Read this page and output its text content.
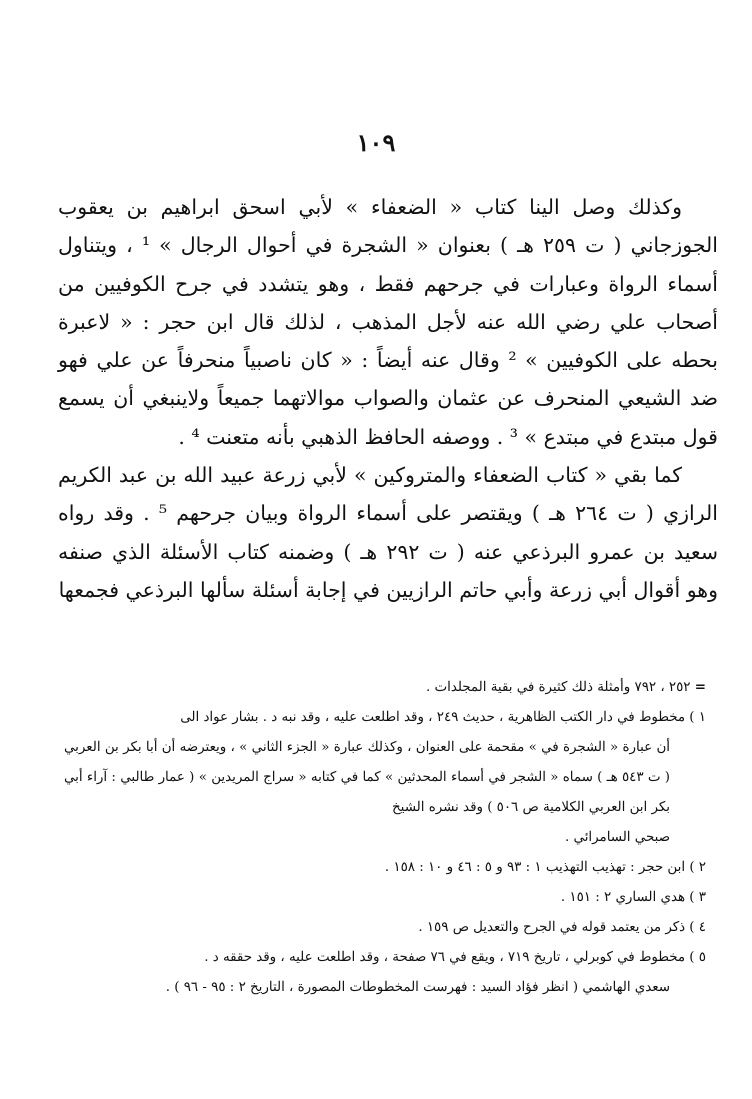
١٠٩

وكذلك وصل الينا كتاب « الضعفاء » لأبي اسحق ابراهيم بن يعقوب الجوزجاني ( ت ٢٥٩ هـ ) بعنوان « الشجرة في أحوال الرجال » ¹ ، ويتناول أسماء الرواة وعبارات في جرحهم فقط ، وهو يتشدد في جرح الكوفيين من أصحاب علي رضي الله عنه لأجل المذهب ، لذلك قال ابن حجر : « لاعبرة بحطه على الكوفيين » ² وقال عنه أيضاً : « كان ناصبياً منحرفاً عن علي فهو ضد الشيعي المنحرف عن عثمان والصواب موالاتهما جميعاً ولاينبغي أن يسمع قول مبتدع في مبتدع » ³ . ووصفه الحافظ الذهبي بأنه متعنت ⁴ .

كما بقي « كتاب الضعفاء والمتروكين » لأبي زرعة عبيد الله بن عبد الكريم الرازي ( ت ٢٦٤ هـ ) ويقتصر على أسماء الرواة وبيان جرحهم ⁵ . وقد رواه سعيد بن عمرو البرذعي عنه ( ت ٢٩٢ هـ ) وضمنه كتاب الأسئلة الذي صنفه وهو أقوال أبي زرعة وأبي حاتم الرازيين في إجابة أسئلة سألها البرذعي فجمعها

= ٢٥٢ ، ٧٩٢ وأمثلة ذلك كثيرة في بقية المجلدات .
١ ) مخطوط في دار الكتب الظاهرية ، حديث ٢٤٩ ، وقد اطلعت عليه ، وقد نبه د . بشار عواد الى
أن عبارة « الشجرة في » مقحمة على العنوان ، وكذلك عبارة « الجزء الثاني » ، ويعترضه أن أبا بكر بن العربي ( ت ٥٤٣ هـ ) سماه « الشجر في أسماء المحدثين » كما في كتابه « سراج المريدين » ( عمار طالبي : آراء أبي بكر ابن العربي الكلامية ص ٥٠٦ ) وقد نشره الشيخ
صبحي السامرائي .
٢ ) ابن حجر : تهذيب التهذيب ١ : ٩٣ و ٥ : ٤٦ و ١٠ : ١٥٨ .
٣ ) هدي الساري ٢ : ١٥١ .
٤ ) ذكر من يعتمد قوله في الجرح والتعديل ص ١٥٩ .
٥ ) مخطوط في كوبرلي ، تاريخ ٧١٩ ، ويقع في ٧٦ صفحة ، وقد اطلعت عليه ، وقد حققه د .
سعدي الهاشمي ( انظر فؤاد السيد : فهرست المخطوطات المصورة ، التاريخ ٢ : ٩٥ - ٩٦ ) .
